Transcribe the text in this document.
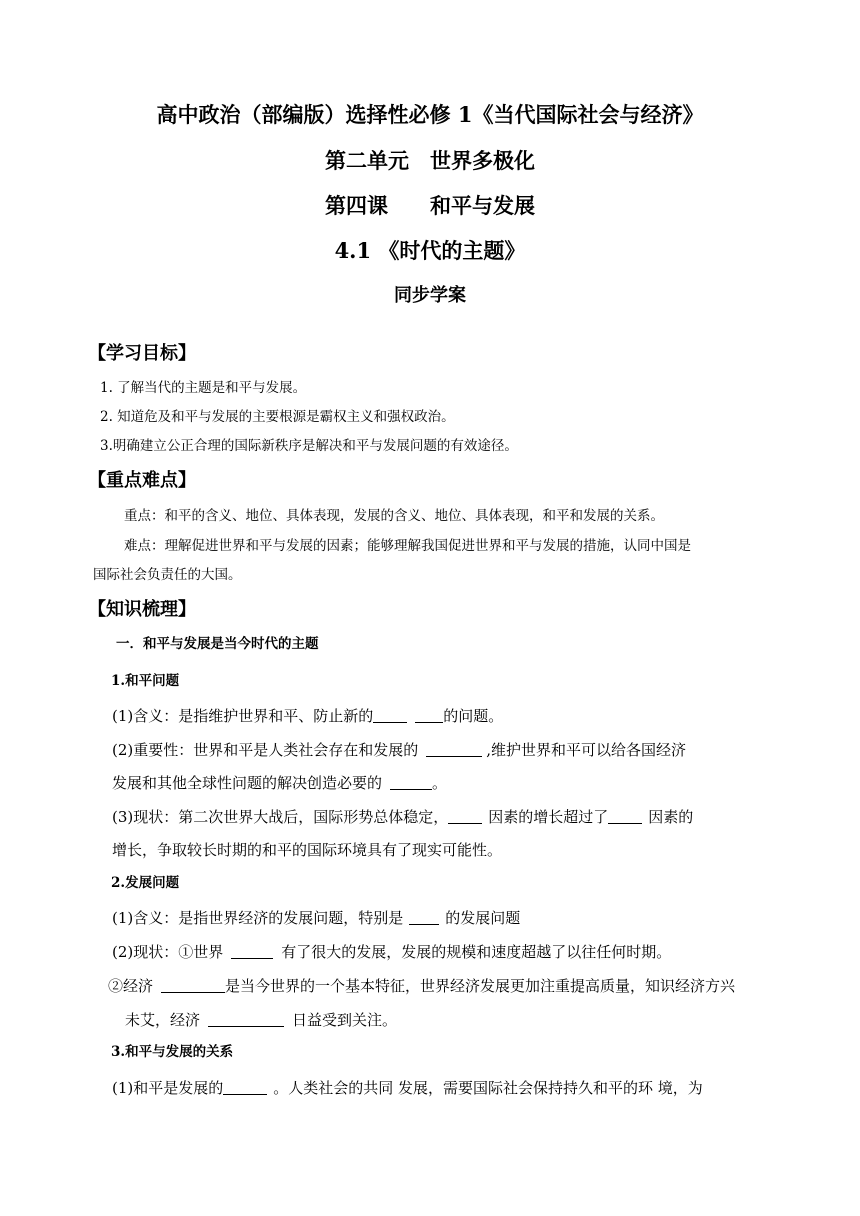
高中政治（部编版）选择性必修 1《当代国际社会与经济》
第二单元　世界多极化
第四课　　和平与发展
4.1 《时代的主题》
同步学案
【学习目标】
1. 了解当代的主题是和平与发展。
2. 知道危及和平与发展的主要根源是霸权主义和强权政治。
3.明确建立公正合理的国际新秩序是解决和平与发展问题的有效途径。
【重点难点】
重点：和平的含义、地位、具体表现，发展的含义、地位、具体表现，和平和发展的关系。
难点：理解促进世界和平与发展的因素；能够理解我国促进世界和平与发展的措施，认同中国是
国际社会负责任的大国。
【知识梳理】
一．和平与发展是当今时代的主题
1.和平问题
(1)含义：是指维护世界和平、防止新的	的问题。
(2)重要性：世界和平是人类社会存在和发展的	,维护世界和平可以给各国经济
发展和其他全球性问题的解决创造必要的	。
(3)现状：第二次世界大战后，国际形势总体稳定，	因素的增长超过了	因素的
增长，争取较长时期的和平的国际环境具有了现实可能性。
2.发展问题
(1)含义：是指世界经济的发展问题，特别是	的发展问题
(2)现状：①世界	有了很大的发展，发展的规模和速度超越了以往任何时期。
②经济	是当今世界的一个基本特征，世界经济发展更加注重提高质量，知识经济方兴
未艾，经济	日益受到关注。
3.和平与发展的关系
(1)和平是发展的	。人类社会的共同 发展，需要国际社会保持持久和平的环 境，为
